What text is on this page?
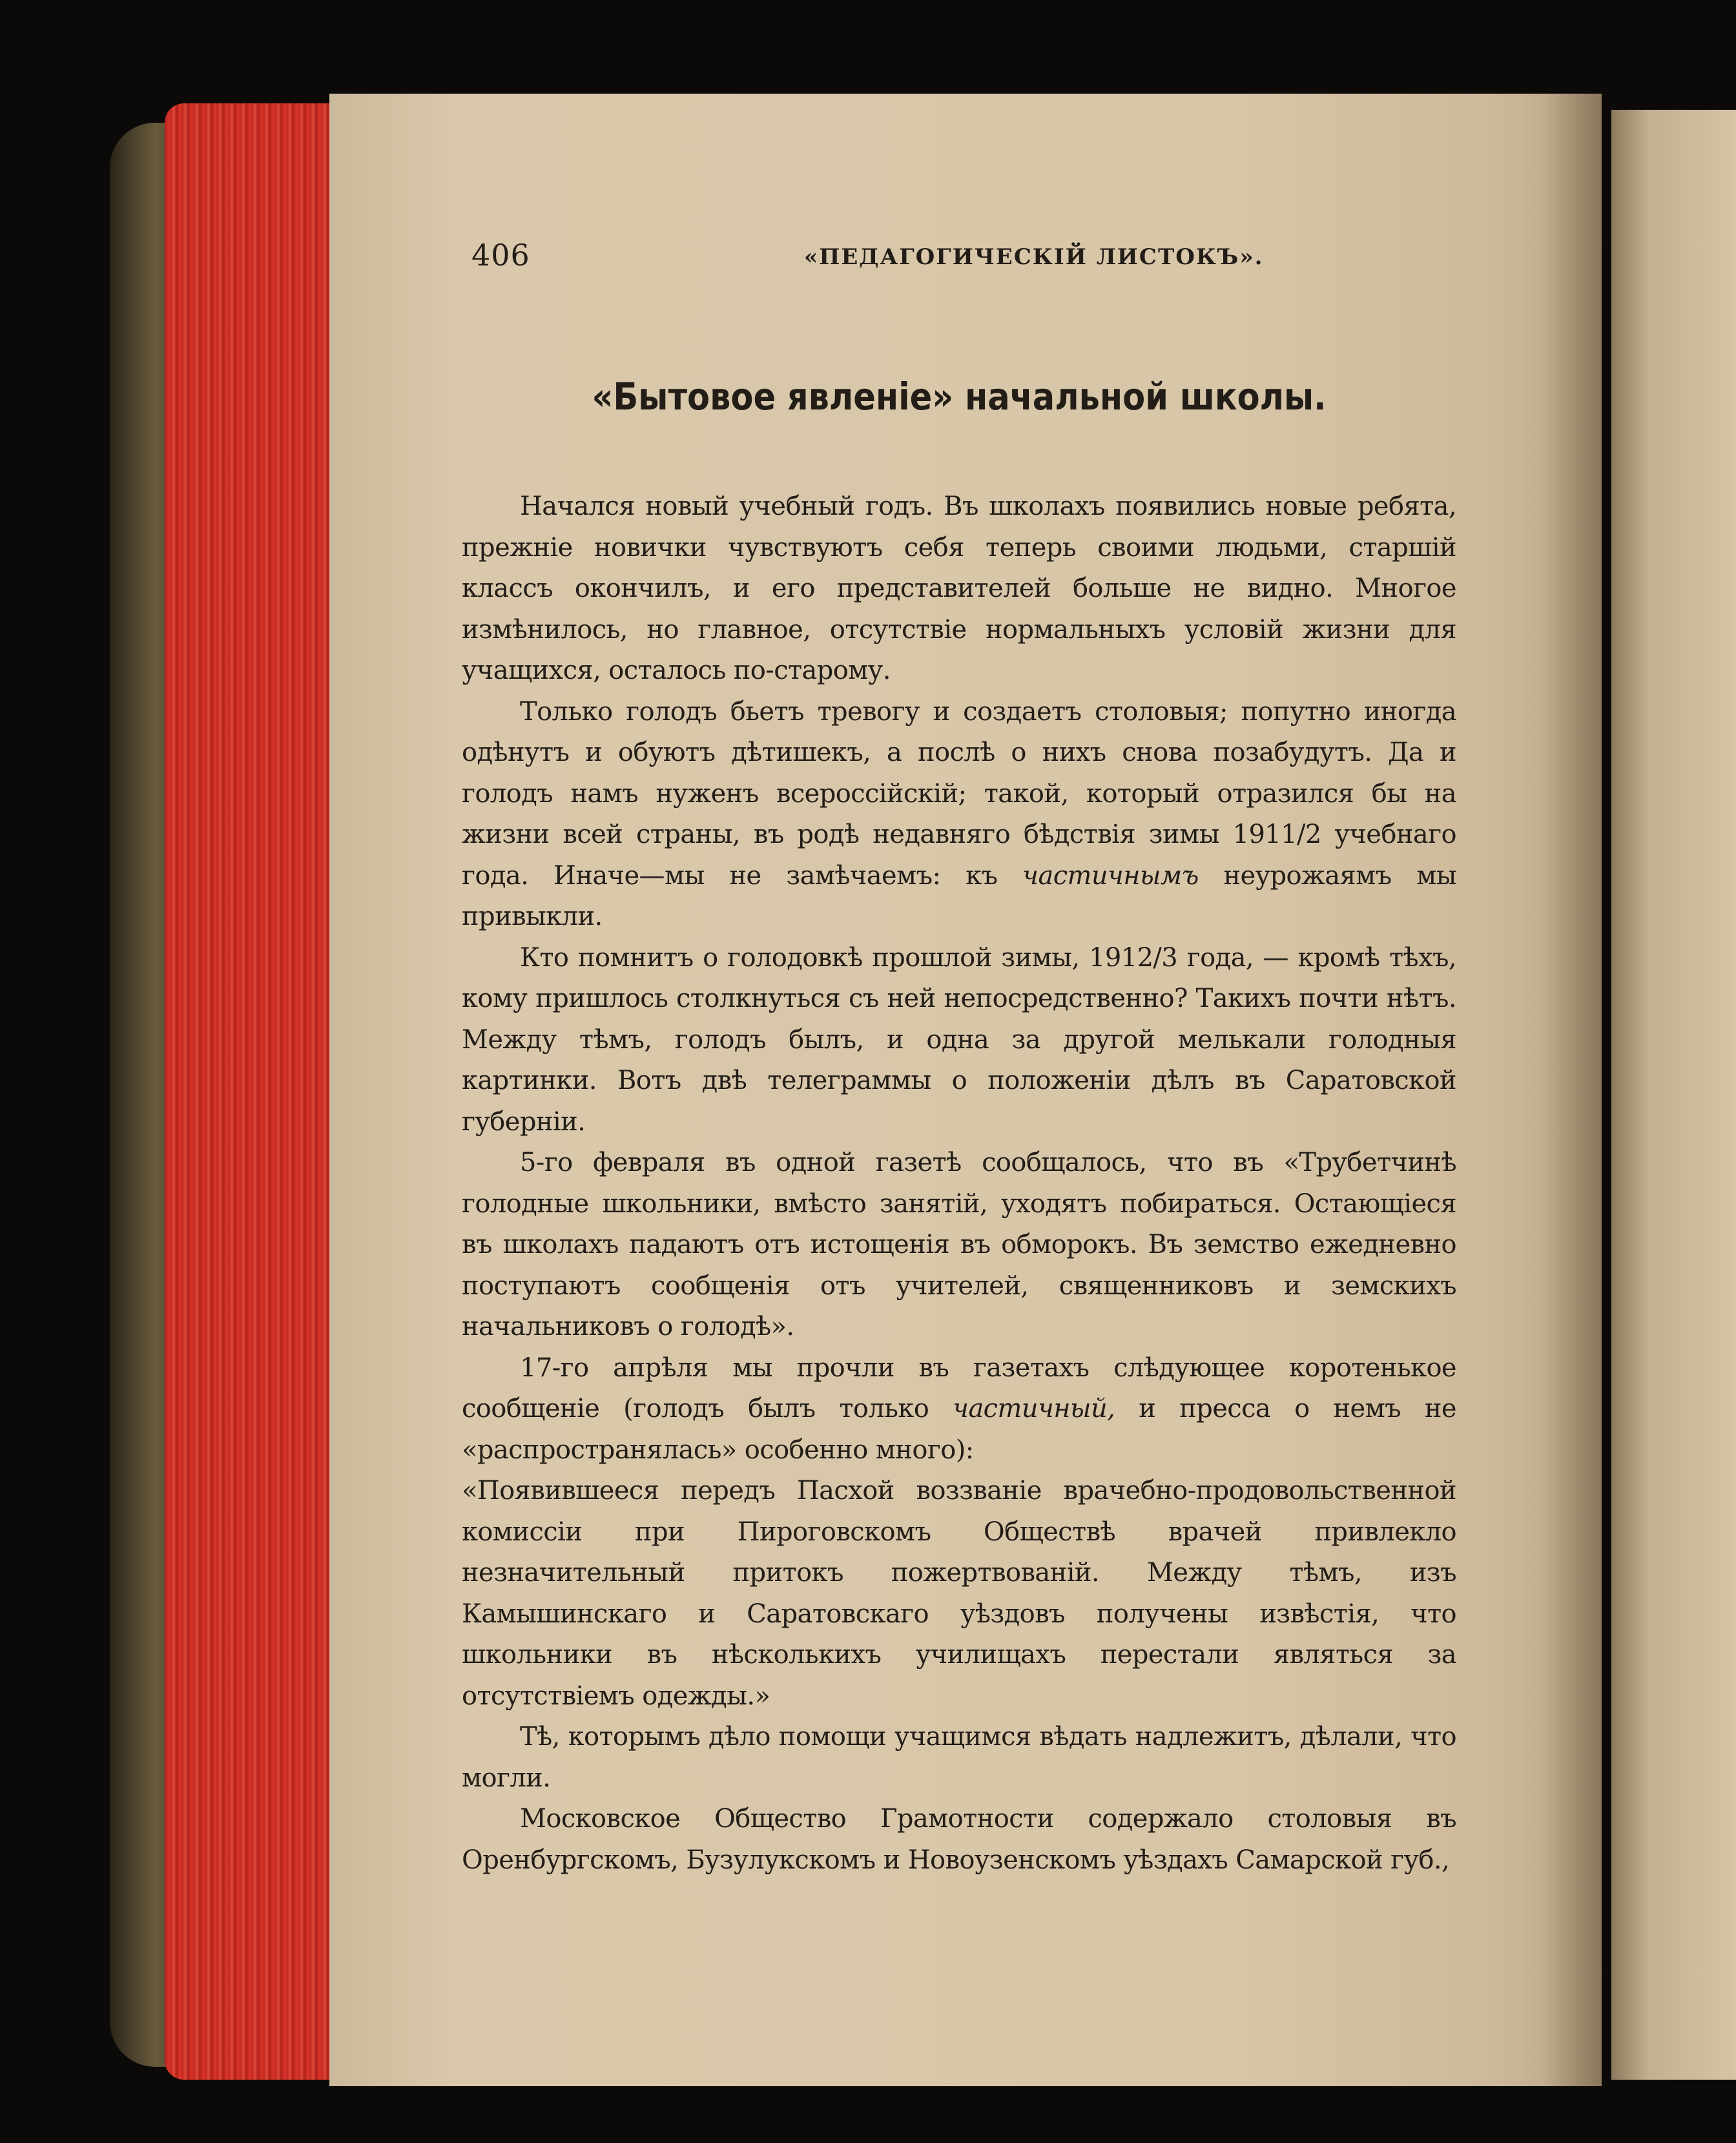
406	«ПЕДАГОГИЧЕСКIЙ ЛИСТОКЪ».
«Бытовое явленіе» начальной школы.

Начался новый учебный годъ. Въ школахъ появились новые ребята, прежніе новички чувствуютъ себя теперь своими людьми, старшій классъ окончилъ, и его представителей больше не видно. Многое измѣнилось, но главное, отсутствіе нормальныхъ условій жизни для учащихся, осталось по-старому.

Только голодъ бьетъ тревогу и создаетъ столовыя; попутно иногда одѣнутъ и обуютъ дѣтишекъ, а послѣ о нихъ снова позабудутъ. Да и голодъ намъ нуженъ всероссійскій; такой, который отразился бы на жизни всей страны, въ родѣ недавняго бѣдствія зимы 1911/2 учебнаго года. Иначе—мы не замѣчаемъ: къ частичнымъ неурожаямъ мы привыкли.

Кто помнитъ о голодовкѣ прошлой зимы, 1912/3 года, — кромѣ тѣхъ, кому пришлось столкнуться съ ней непосредственно? Такихъ почти нѣтъ. Между тѣмъ, голодъ былъ, и одна за другой мелькали голодныя картинки. Вотъ двѣ телеграммы о положеніи дѣлъ въ Саратовской губерніи.

5-го февраля въ одной газетѣ сообщалось, что въ «Трубетчинѣ голодные школьники, вмѣсто занятій, уходятъ побираться. Остающіеся въ школахъ падаютъ отъ истощенія въ обморокъ. Въ земство ежедневно поступаютъ сообщенія отъ учителей, священниковъ и земскихъ начальниковъ о голодѣ».

17-го апрѣля мы прочли въ газетахъ слѣдующее коротенькое сообщеніе (голодъ былъ только частичный, и пресса о немъ не «распространялась» особенно много):

«Появившееся передъ Пасхой воззваніе врачебно-продовольственной комиссіи при Пироговскомъ Обществѣ врачей привлекло незначительный притокъ пожертвованій. Между тѣмъ, изъ Камышинскаго и Саратовскаго уѣздовъ получены извѣстія, что школьники въ нѣсколькихъ училищахъ перестали являться за отсутствіемъ одежды.»

Тѣ, которымъ дѣло помощи учащимся вѣдать надлежитъ, дѣлали, что могли.

Московское Общество Грамотности содержало столовыя въ Оренбургскомъ, Бузулукскомъ и Новоузенскомъ уѣздахъ Самарской губ.,
